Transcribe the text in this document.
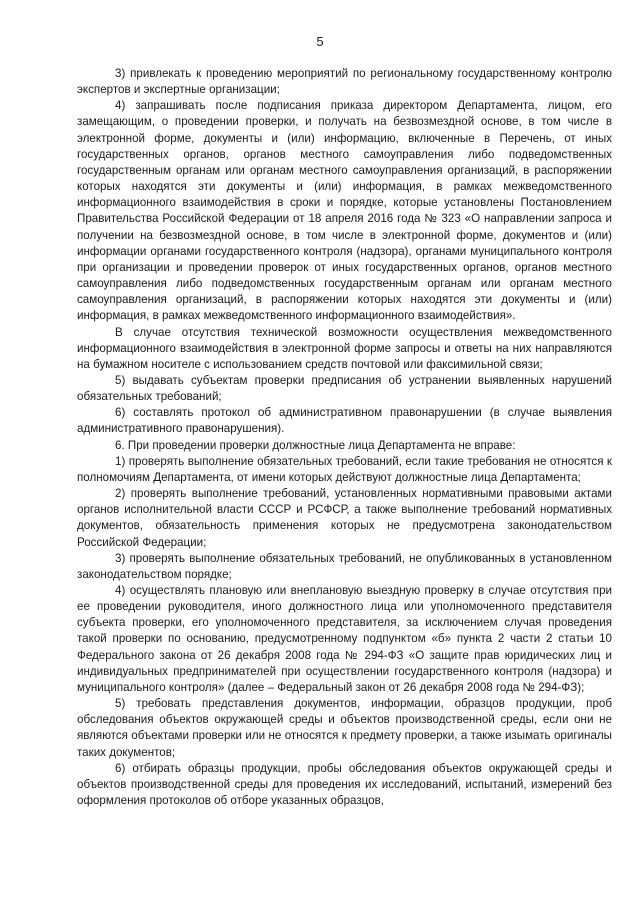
5

3) привлекать к проведению мероприятий по региональному государственному контролю экспертов и экспертные организации;

4) запрашивать после подписания приказа директором Департамента, лицом, его замещающим, о проведении проверки, и получать на безвозмездной основе, в том числе в электронной форме, документы и (или) информацию, включенные в Перечень, от иных государственных органов, органов местного самоуправления либо подведомственных государственным органам или органам местного самоуправления организаций, в распоряжении которых находятся эти документы и (или) информация, в рамках межведомственного информационного взаимодействия в сроки и порядке, которые установлены Постановлением Правительства Российской Федерации от 18 апреля 2016 года № 323 «О направлении запроса и получении на безвозмездной основе, в том числе в электронной форме, документов и (или) информации органами государственного контроля (надзора), органами муниципального контроля при организации и проведении проверок от иных государственных органов, органов местного самоуправления либо подведомственных государственным органам или органам местного самоуправления организаций, в распоряжении которых находятся эти документы и (или) информация, в рамках межведомственного информационного взаимодействия».

В случае отсутствия технической возможности осуществления межведомственного информационного взаимодействия в электронной форме запросы и ответы на них направляются на бумажном носителе с использованием средств почтовой или факсимильной связи;

5) выдавать субъектам проверки предписания об устранении выявленных нарушений обязательных требований;

6) составлять протокол об административном правонарушении (в случае выявления административного правонарушения).

6. При проведении проверки должностные лица Департамента не вправе:

1) проверять выполнение обязательных требований, если такие требования не относятся к полномочиям Департамента, от имени которых действуют должностные лица Департамента;

2) проверять выполнение требований, установленных нормативными правовыми актами органов исполнительной власти СССР и РСФСР, а также выполнение требований нормативных документов, обязательность применения которых не предусмотрена законодательством Российской Федерации;

3) проверять выполнение обязательных требований, не опубликованных в установленном законодательством порядке;

4) осуществлять плановую или внеплановую выездную проверку в случае отсутствия при ее проведении руководителя, иного должностного лица или уполномоченного представителя субъекта проверки, его уполномоченного представителя, за исключением случая проведения такой проверки по основанию, предусмотренному подпунктом «б» пункта 2 части 2 статьи 10 Федерального закона от 26 декабря 2008 года № 294-ФЗ «О защите прав юридических лиц и индивидуальных предпринимателей при осуществлении государственного контроля (надзора) и муниципального контроля» (далее – Федеральный закон от 26 декабря 2008 года № 294-ФЗ);

5) требовать представления документов, информации, образцов продукции, проб обследования объектов окружающей среды и объектов производственной среды, если они не являются объектами проверки или не относятся к предмету проверки, а также изымать оригиналы таких документов;

6) отбирать образцы продукции, пробы обследования объектов окружающей среды и объектов производственной среды для проведения их исследований, испытаний, измерений без оформления протоколов об отборе указанных образцов,
